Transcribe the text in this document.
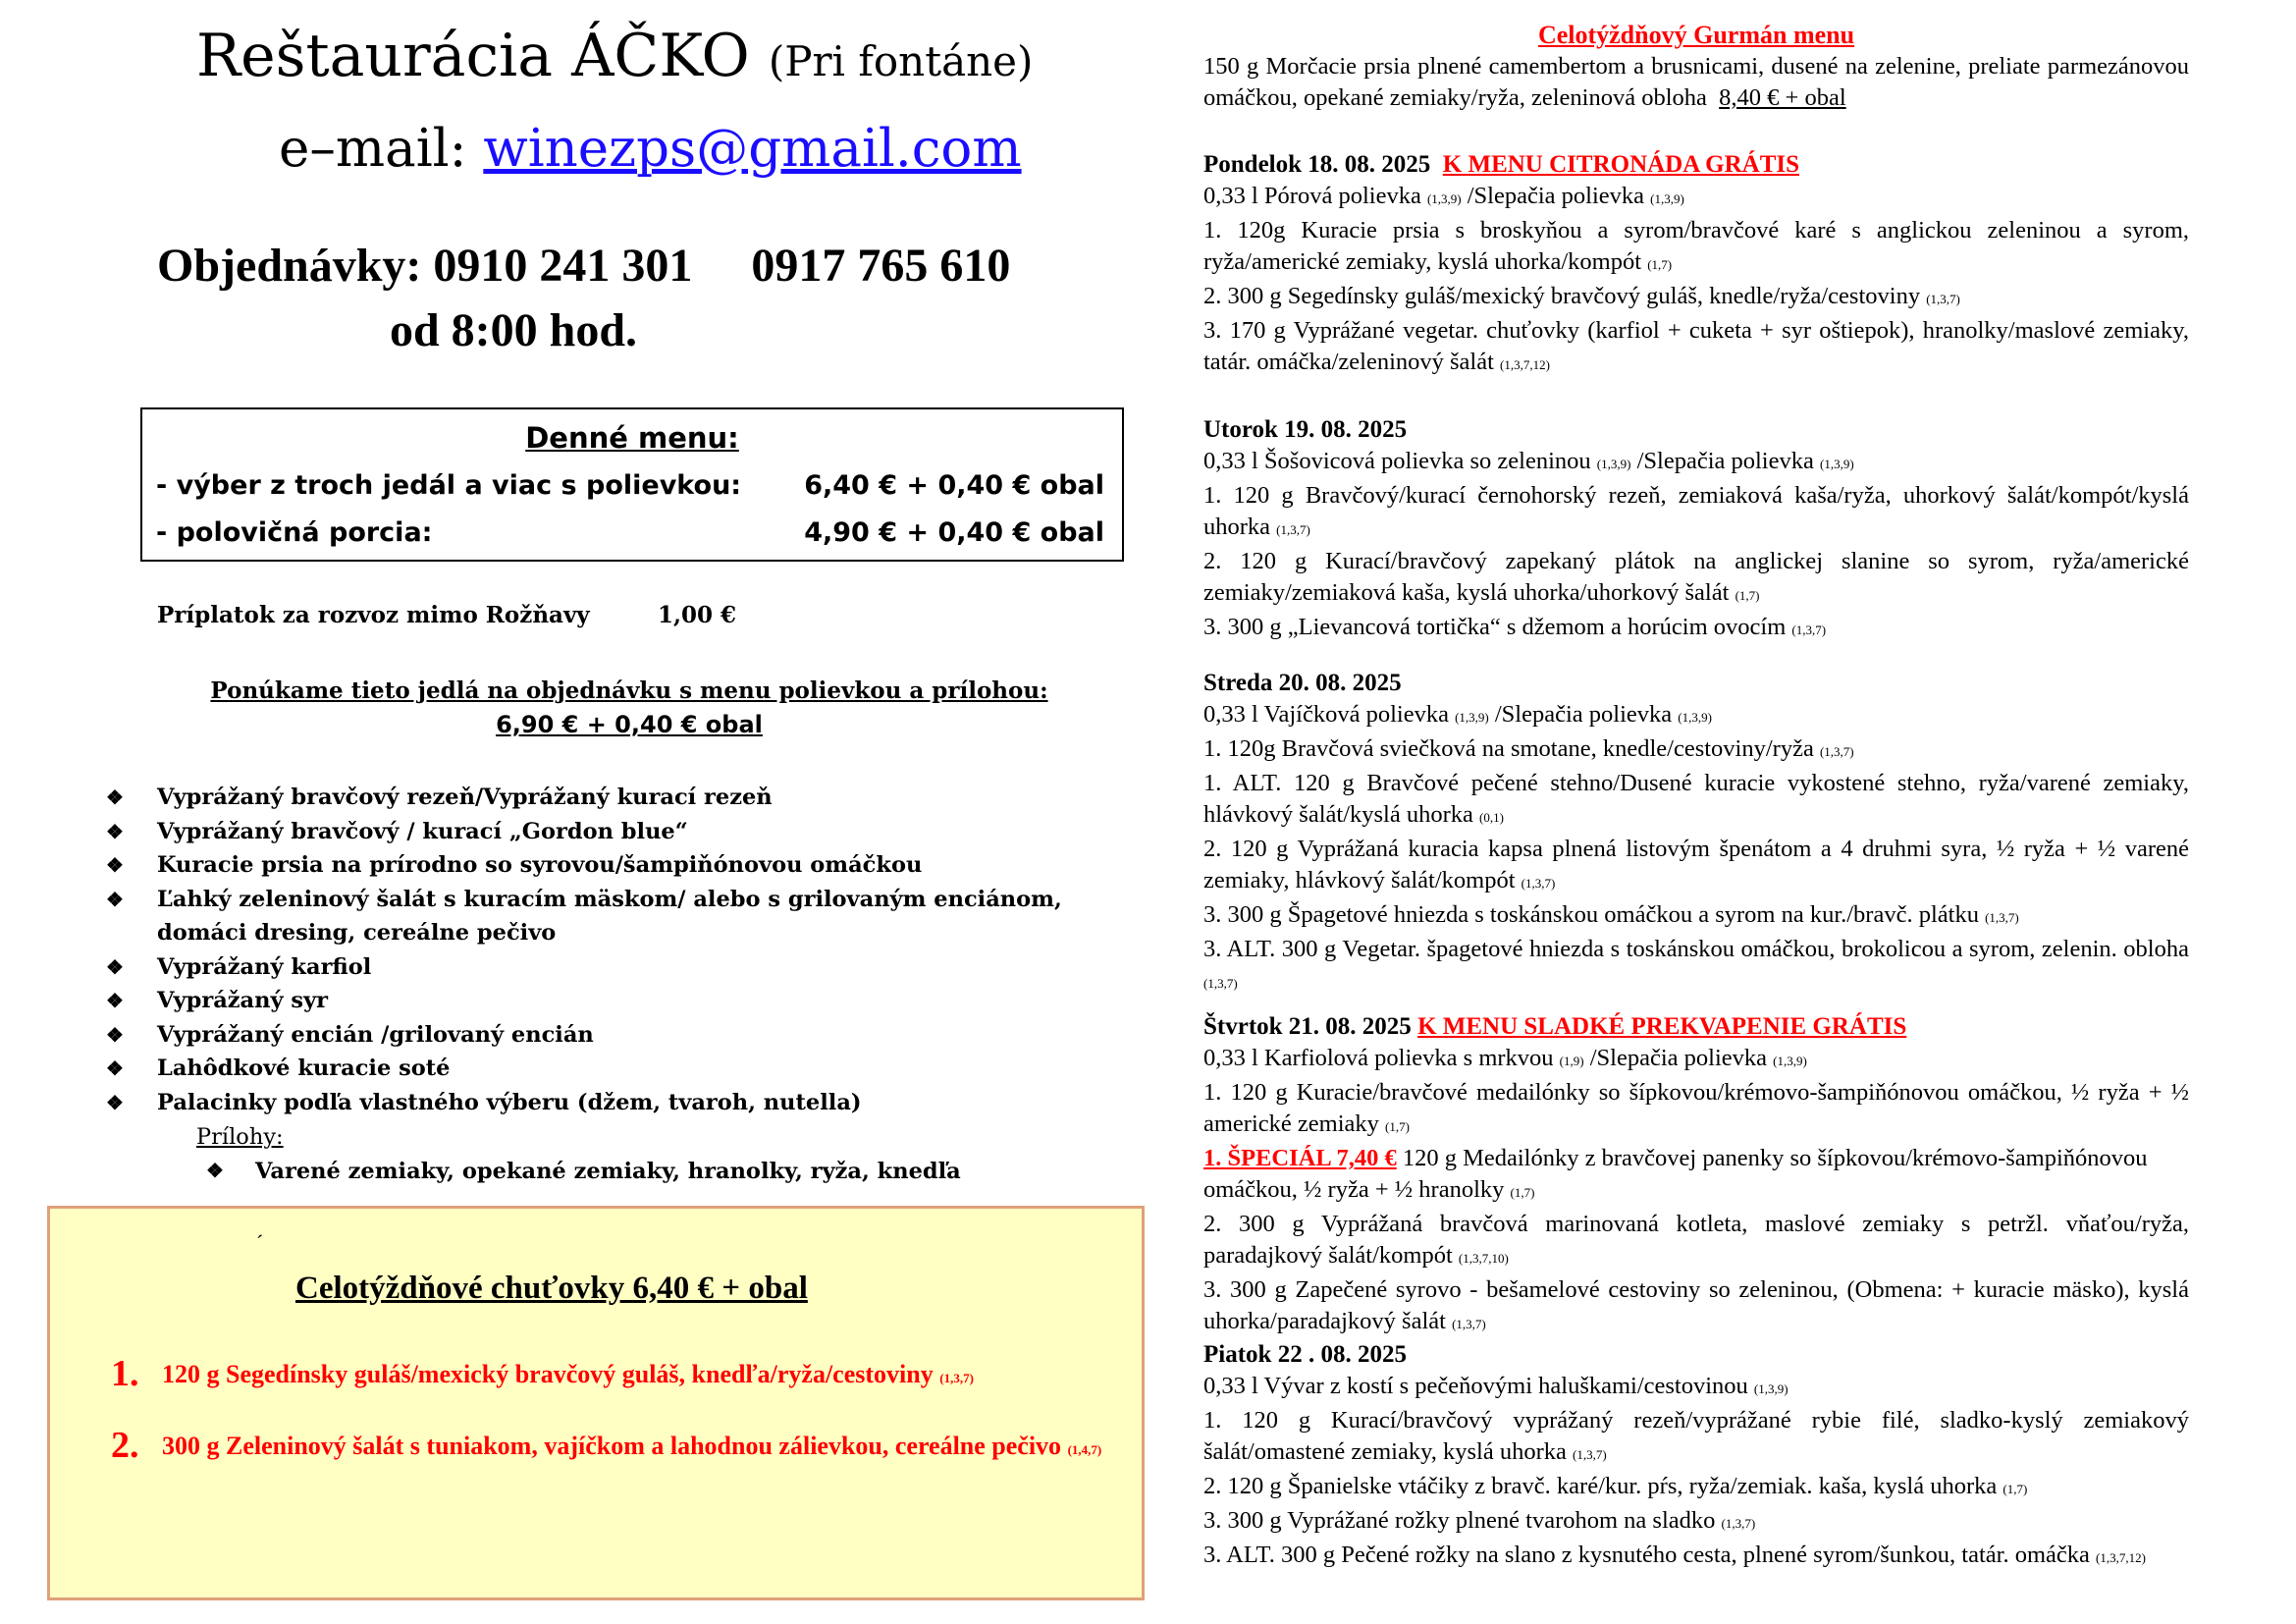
Reštaurácia ÁČKO (Pri fontáne)
e–mail: winezps@gmail.com
Objednávky: 0910 241 301     0917 765 610
od 8:00 hod.
Denné menu:
- výber z troch jedál a viac s polievkou: 6,40 € + 0,40 € obal
- polovičná porcia:	4,90 € + 0,40 € obal
Príplatok za rozvoz mimo Rožňavy	1,00 €
Ponúkame tieto jedlá na objednávku s menu polievkou a prílohou:
6,90 € + 0,40 € obal
❖ Vyprážaný bravčový rezeň/Vyprážaný kurací rezeň
❖ Vyprážaný bravčový / kurací „Gordon blue“
❖ Kuracie prsia na prírodno so syrovou/šampiňónovou omáčkou
❖ Ľahký zeleninový šalát s kuracím mäskom/ alebo s grilovaným enciánom, domáci dresing, cereálne pečivo
❖ Vyprážaný karfiol
❖ Vyprážaný syr
❖ Vyprážaný encián /grilovaný encián
❖ Lahôdkové kuracie soté
❖ Palacinky podľa vlastného výberu (džem, tvaroh, nutella)
Prílohy:
❖ Varené zemiaky, opekané zemiaky, hranolky, ryža, knedľa
´
Celotýždňové chuťovky 6,40 € + obal
1. 120 g Segedínsky guláš/mexický bravčový guláš, knedľa/ryža/cestoviny (1,3,7)
2. 300 g Zeleninový šalát s tuniakom, vajíčkom a lahodnou zálievkou, cereálne pečivo (1,4,7)
Celotýždňový Gurmán menu

150 g Morčacie prsia plnené camembertom a brusnicami, dusené na zelenine, preliate parmezánovou omáčkou, opekané zemiaky/ryža, zeleninová obloha 8,40 € + obal

Pondelok 18. 08. 2025 K MENU CITRONÁDA GRÁTIS

0,33 l Pórová polievka (1,3,9) /Slepačia polievka (1,3,9)

1. 120g Kuracie prsia s broskyňou a syrom/bravčové karé s anglickou zeleninou a syrom, ryža/americké zemiaky, kyslá uhorka/kompót (1,7)

2. 300 g Segedínsky guláš/mexický bravčový guláš, knedle/ryža/cestoviny (1,3,7)

3. 170 g Vyprážané vegetar. chuťovky (karfiol + cuketa + syr oštiepok), hranolky/maslové zemiaky, tatár. omáčka/zeleninový šalát (1,3,7,12)

Utorok 19. 08. 2025

0,33 l Šošovicová polievka so zeleninou (1,3,9) /Slepačia polievka (1,3,9)

1. 120 g Bravčový/kurací černohorský rezeň, zemiaková kaša/ryža, uhorkový šalát/kompót/kyslá uhorka (1,3,7)

2. 120 g Kurací/bravčový zapekaný plátok na anglickej slanine so syrom, ryža/americké zemiaky/zemiaková kaša, kyslá uhorka/uhorkový šalát (1,7)

3. 300 g „Lievancová tortička“ s džemom a horúcim ovocím (1,3,7)

Streda 20. 08. 2025

0,33 l Vajíčková polievka (1,3,9) /Slepačia polievka (1,3,9)

1. 120g Bravčová sviečková na smotane, knedle/cestoviny/ryža (1,3,7)

1. ALT. 120 g Bravčové pečené stehno/Dusené kuracie vykostené stehno, ryža/varené zemiaky, hlávkový šalát/kyslá uhorka (0,1)

2. 120 g Vyprážaná kuracia kapsa plnená listovým špenátom a 4 druhmi syra, ½ ryža + ½ varené zemiaky, hlávkový šalát/kompót (1,3,7)

3. 300 g Špagetové hniezda s toskánskou omáčkou a syrom na kur./bravč. plátku (1,3,7)

3. ALT. 300 g Vegetar. špagetové hniezda s toskánskou omáčkou, brokolicou a syrom, zelenin. obloha (1,3,7)

Štvrtok 21. 08. 2025 K MENU SLADKÉ PREKVAPENIE GRÁTIS

0,33 l Karfiolová polievka s mrkvou (1,9) /Slepačia polievka (1,3,9)

1. 120 g Kuracie/bravčové medailónky so šípkovou/krémovo-šampiňónovou omáčkou, ½ ryža + ½ americké zemiaky (1,7)

1. ŠPECIÁL 7,40 € 120 g Medailónky z bravčovej panenky so šípkovou/krémovo-šampiňónovou omáčkou, ½ ryža + ½ hranolky (1,7)

2. 300 g Vyprážaná bravčová marinovaná kotleta, maslové zemiaky s petržl. vňaťou/ryža, paradajkový šalát/kompót (1,3,7,10)

3. 300 g Zapečené syrovo - bešamelové cestoviny so zeleninou, (Obmena: + kuracie mäsko), kyslá uhorka/paradajkový šalát (1,3,7)

Piatok 22 . 08. 2025

0,33 l Vývar z kostí s pečeňovými haluškami/cestovinou (1,3,9)

1. 120 g Kurací/bravčový vyprážaný rezeň/vyprážané rybie filé, sladko-kyslý zemiakový šalát/omastené zemiaky, kyslá uhorka (1,3,7)

2. 120 g Španielske vtáčiky z bravč. karé/kur. pŕs, ryža/zemiak. kaša, kyslá uhorka (1,7)

3. 300 g Vyprážané rožky plnené tvarohom na sladko (1,3,7)

3. ALT. 300 g Pečené rožky na slano z kysnutého cesta, plnené syrom/šunkou, tatár. omáčka (1,3,7,12)
